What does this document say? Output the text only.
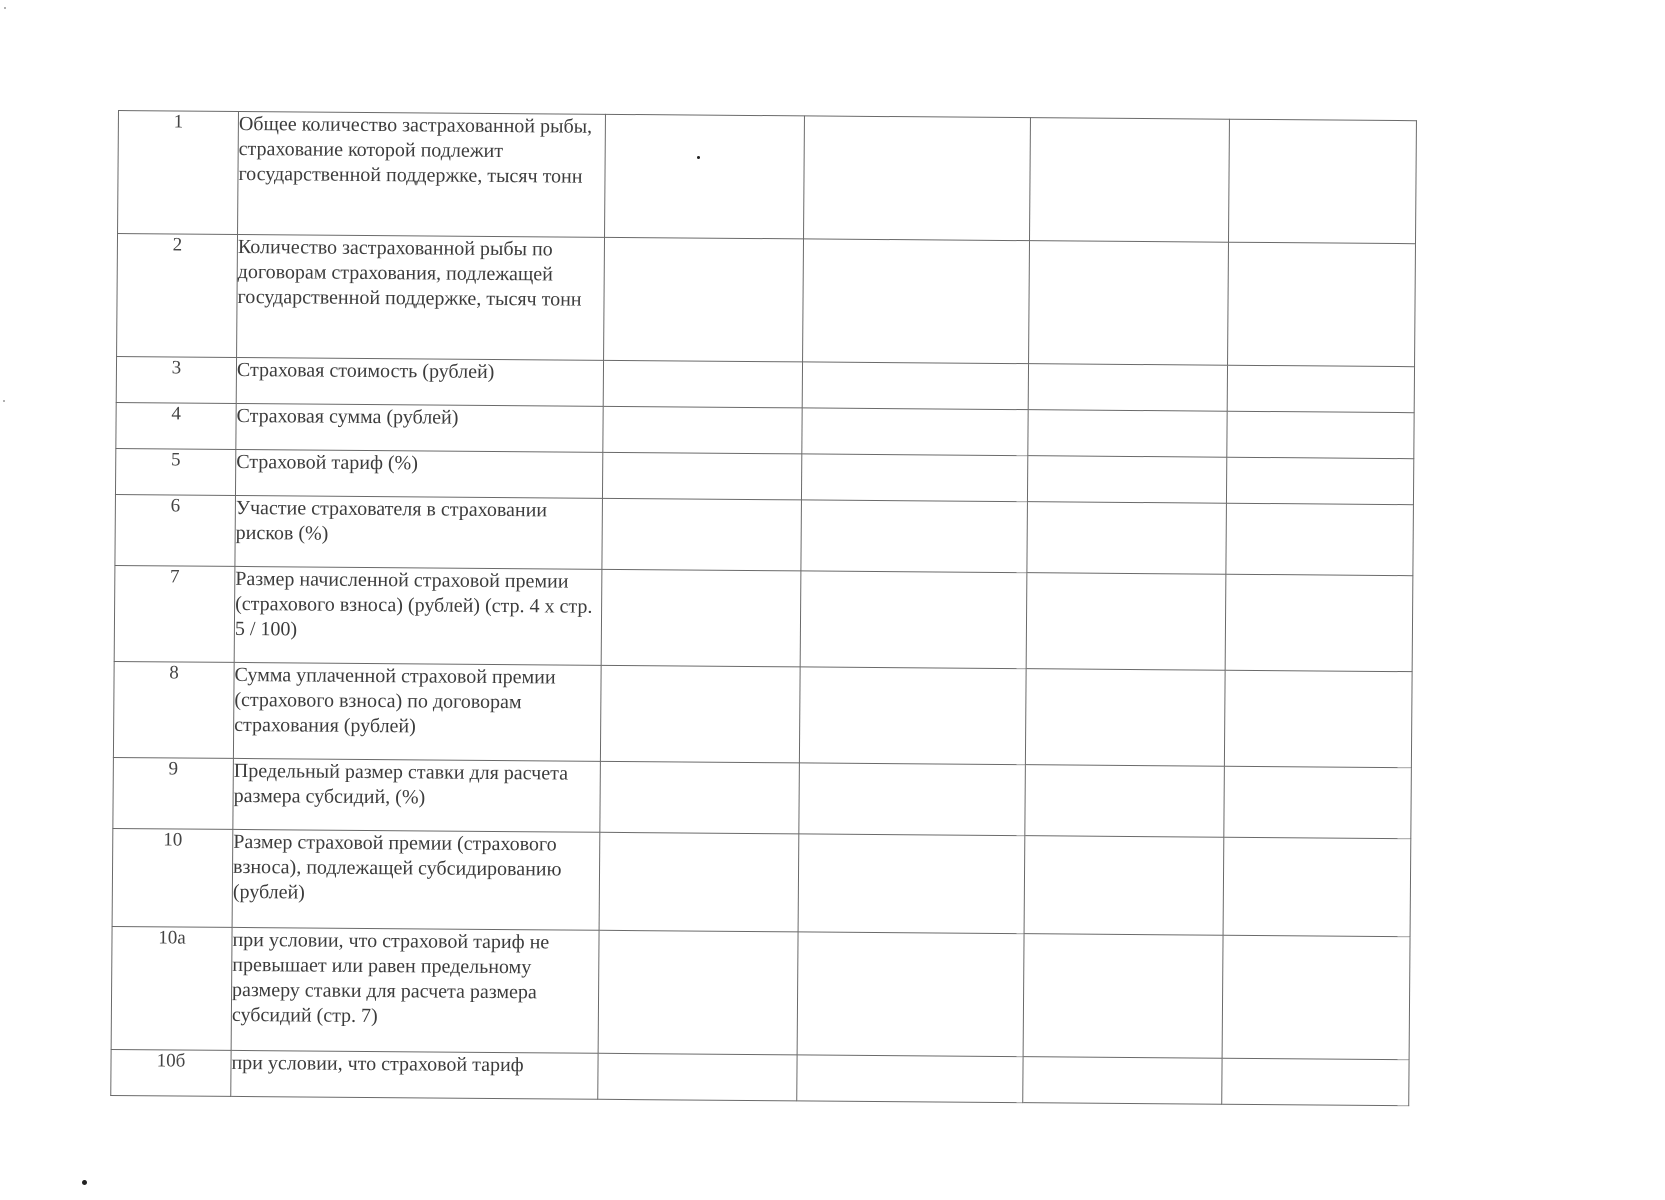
1	Общее количество застрахованной рыбы, страхование которой подлежит государственной поддержке, тысяч тонн				
2	Количество застрахованной рыбы по договорам страхования, подлежащей государственной поддержке, тысяч тонн				
3	Страховая стоимость (рублей)				
4	Страховая сумма (рублей)				
5	Страховой тариф (%)				
6	Участие страхователя в страховании рисков (%)				
7	Размер начисленной страховой премии (страхового взноса) (рублей) (стр. 4 х стр. 5 / 100)				
8	Сумма уплаченной страховой премии (страхового взноса) по договорам страхования (рублей)				
9	Предельный размер ставки для расчета размера субсидий, (%)				
10	Размер страховой премии (страхового взноса), подлежащей субсидированию (рублей)				
10а	при условии, что страховой тариф не превышает или равен предельному размеру ставки для расчета размера субсидий (стр. 7)				
10б	при условии, что страховой тариф				
